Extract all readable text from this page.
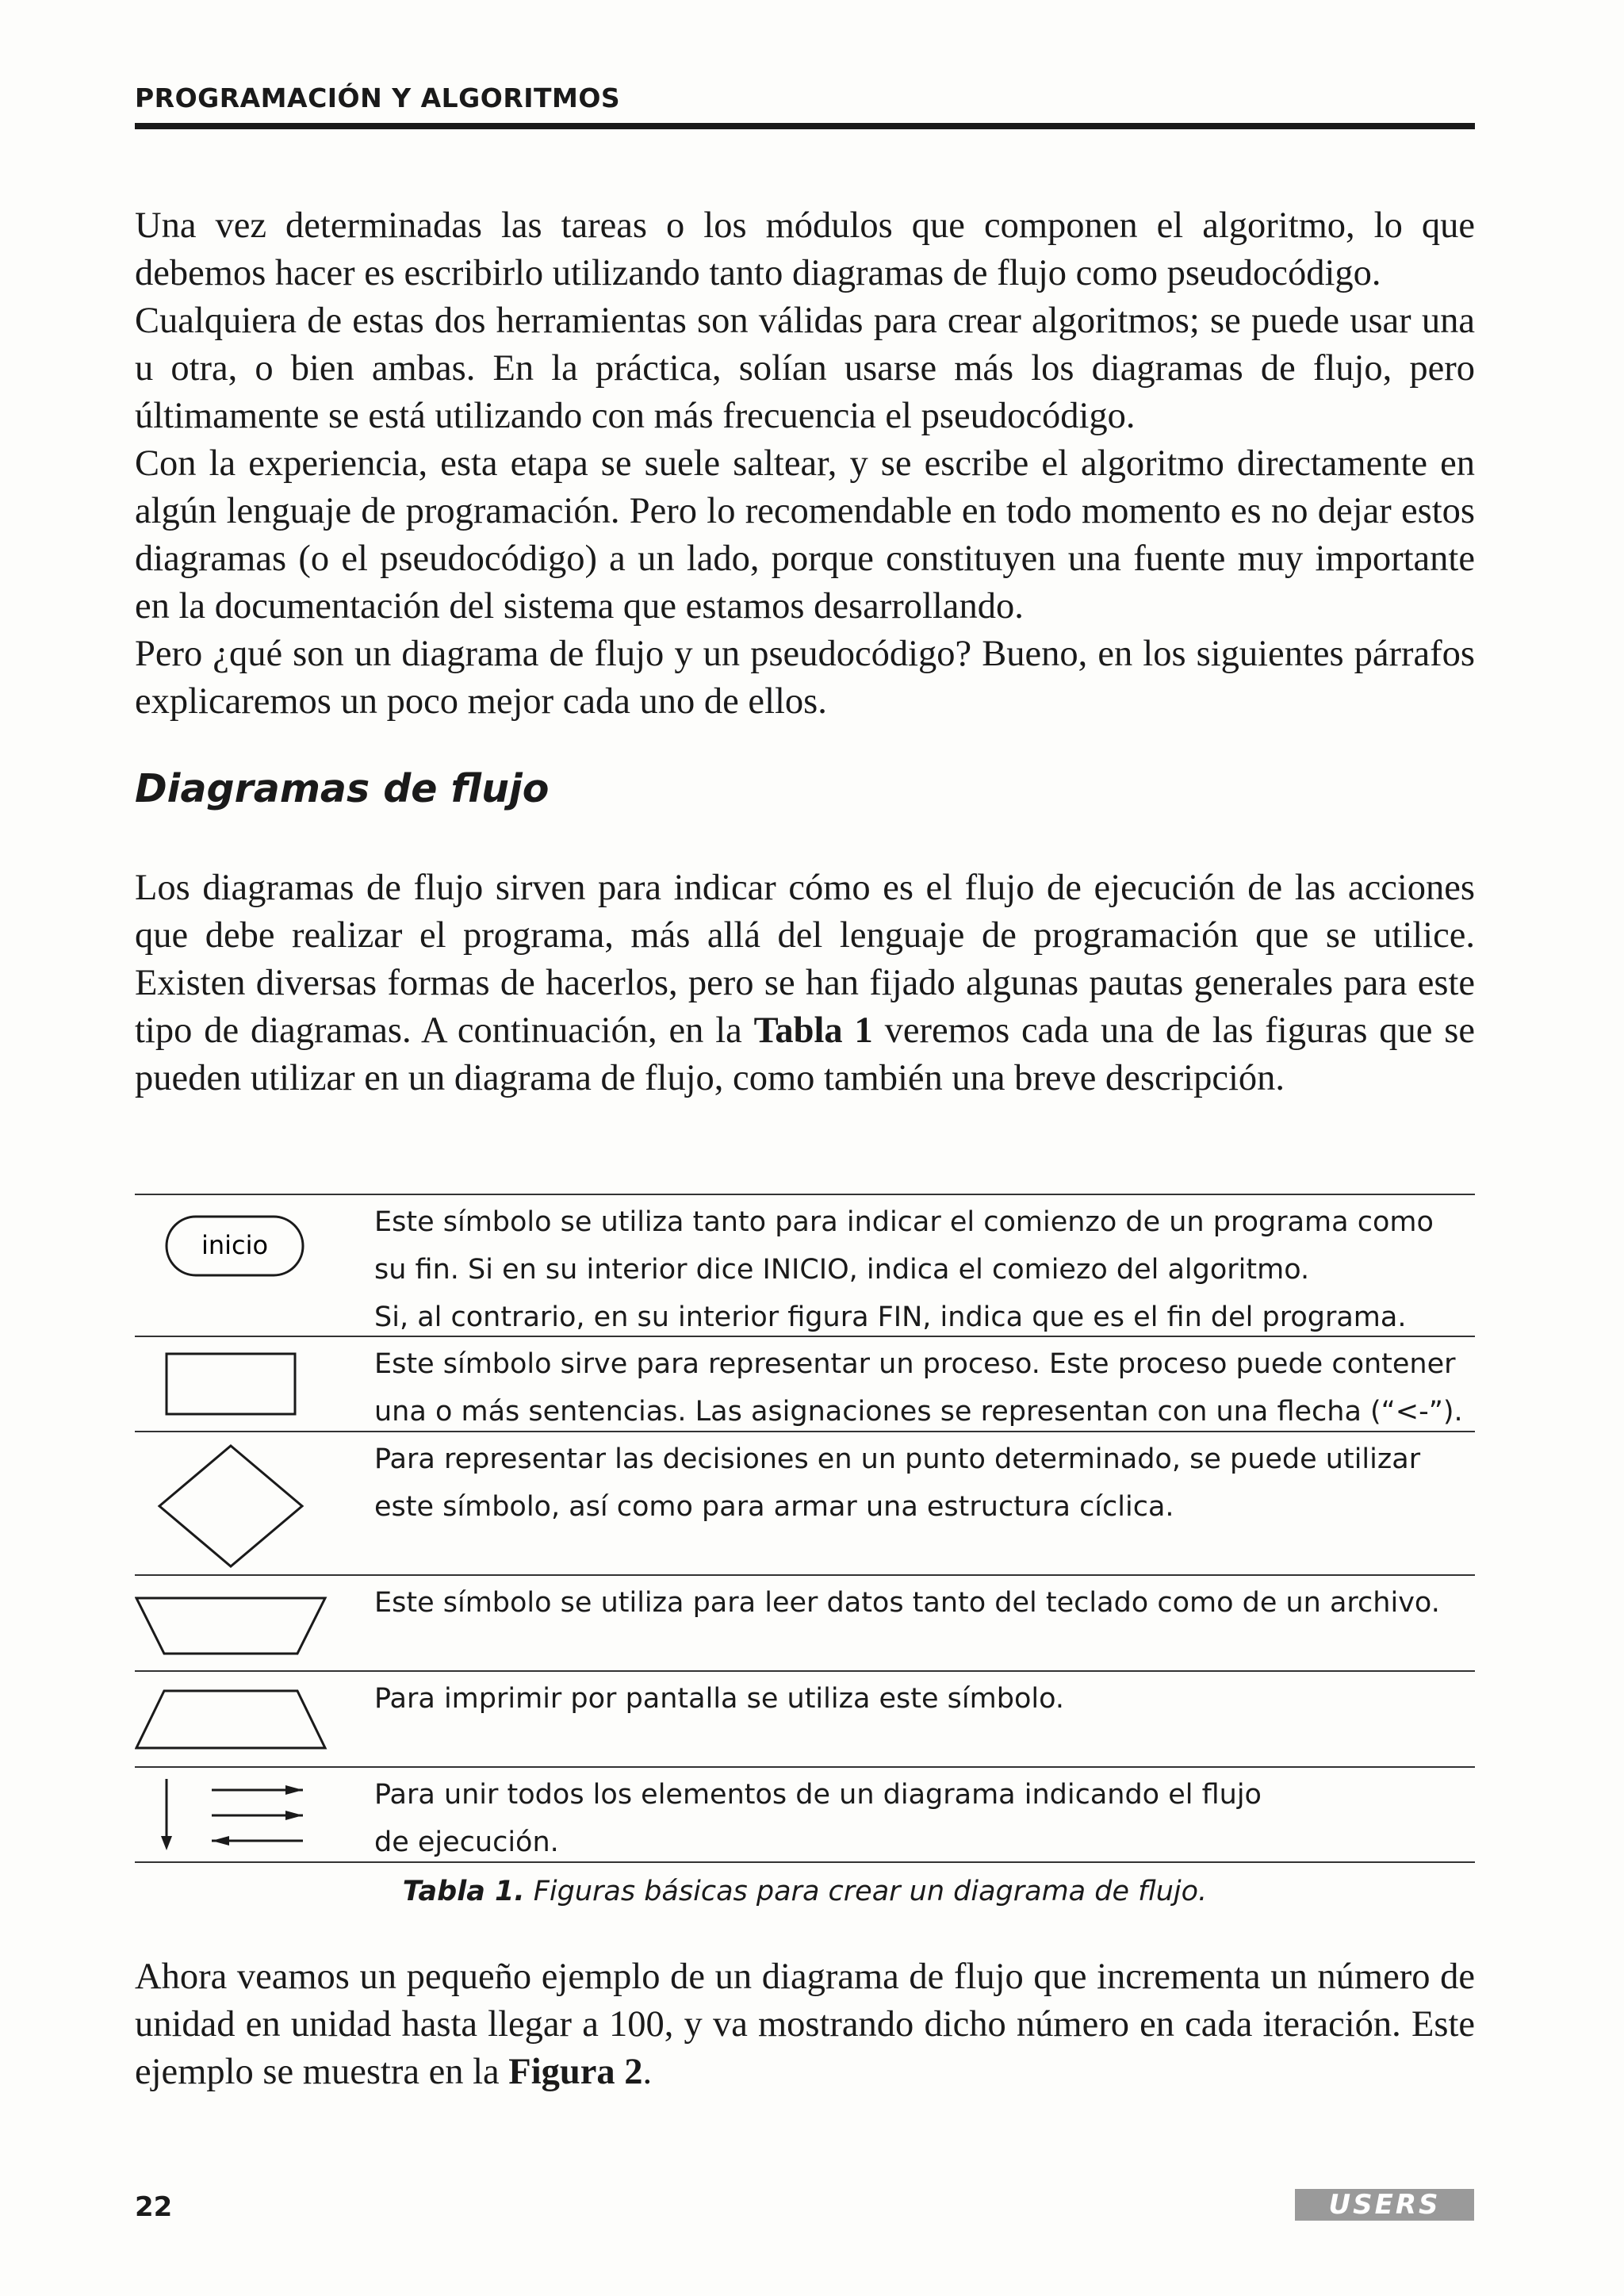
PROGRAMACIÓN Y ALGORITMOS

Una vez determinadas las tareas o los módulos que componen el algoritmo, lo que debemos hacer es escribirlo utilizando tanto diagramas de flujo como pseudocódigo.

Cualquiera de estas dos herramientas son válidas para crear algoritmos; se puede usar una u otra, o bien ambas. En la práctica, solían usarse más los diagramas de flujo, pero últimamente se está utilizando con más frecuencia el pseudocódigo.

Con la experiencia, esta etapa se suele saltear, y se escribe el algoritmo directamente en algún lenguaje de programación. Pero lo recomendable en todo momento es no dejar estos diagramas (o el pseudocódigo) a un lado, porque constituyen una fuente muy importante en la documentación del sistema que estamos desarrollando.

Pero ¿qué son un diagrama de flujo y un pseudocódigo? Bueno, en los siguientes párrafos explicaremos un poco mejor cada uno de ellos.

Diagramas de flujo

Los diagramas de flujo sirven para indicar cómo es el flujo de ejecución de las acciones que debe realizar el programa, más allá del lenguaje de programación que se utilice. Existen diversas formas de hacerlos, pero se han fijado algunas pautas generales para este tipo de diagramas. A continuación, en la Tabla 1 veremos cada una de las figuras que se pueden utilizar en un diagrama de flujo, como también una breve descripción.

inicio
Este símbolo se utiliza tanto para indicar el comienzo de un programa como
su fin. Si en su interior dice INICIO, indica el comiezo del algoritmo.
Si, al contrario, en su interior figura FIN, indica que es el fin del programa.
Este símbolo sirve para representar un proceso. Este proceso puede contener
una o más sentencias. Las asignaciones se representan con una flecha (“<-”).
Para representar las decisiones en un punto determinado, se puede utilizar
este símbolo, así como para armar una estructura cíclica.
Este símbolo se utiliza para leer datos tanto del teclado como de un archivo.
Para imprimir por pantalla se utiliza este símbolo.
Para unir todos los elementos de un diagrama indicando el flujo
de ejecución.
Tabla 1. Figuras básicas para crear un diagrama de flujo.

Ahora veamos un pequeño ejemplo de un diagrama de flujo que incrementa un número de unidad en unidad hasta llegar a 100, y va mostrando dicho número en cada iteración. Este ejemplo se muestra en la Figura 2.

22	USERS
